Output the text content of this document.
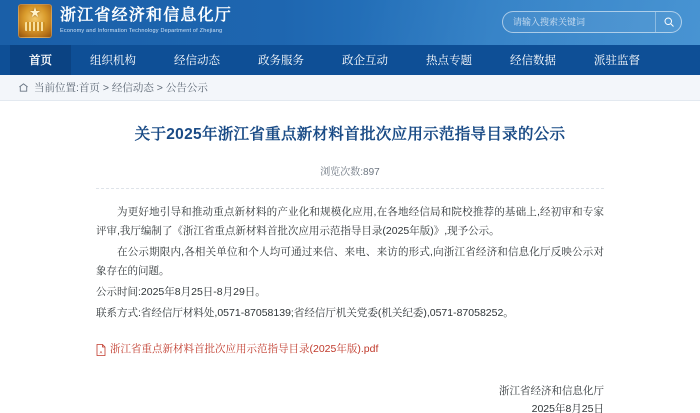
★
浙江省经济和信息化厅
Economy and Information Technology Department of Zhejiang
请输入搜索关键词
首页	组织机构	经信动态	政务服务	政企互动	热点专题	经信数据	派驻监督
当前位置:首页 > 经信动态 > 公告公示
关于2025年浙江省重点新材料首批次应用示范指导目录的公示
浏览次数:897

为更好地引导和推动重点新材料的产业化和规模化应用,在各地经信局和院校推荐的基础上,经初审和专家评审,我厅编制了《浙江省重点新材料首批次应用示范指导目录(2025年版)》,现予公示。

在公示期限内,各相关单位和个人均可通过来信、来电、来访的形式,向浙江省经济和信息化厅反映公示对象存在的问题。

公示时间:2025年8月25日-8月29日。

联系方式:省经信厅材料处,0571-87058139;省经信厅机关党委(机关纪委),0571-87058252。

A 浙江省重点新材料首批次应用示范指导目录(2025年版).pdf
浙江省经济和信息化厅
2025年8月25日
